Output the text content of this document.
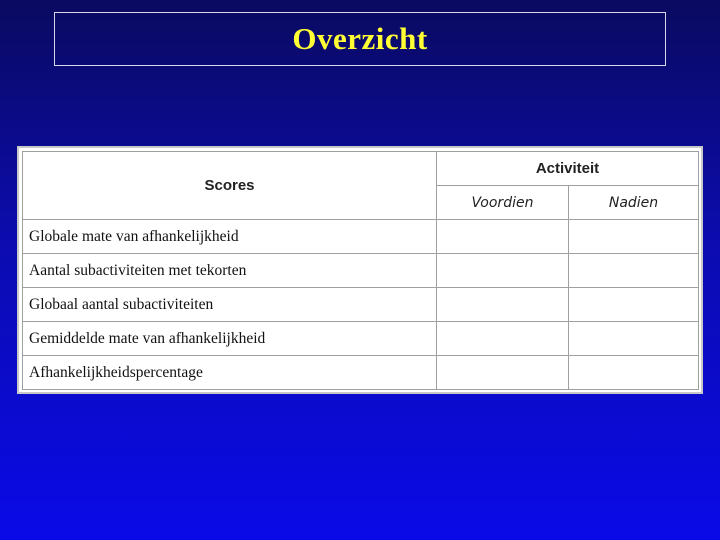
Overzicht
Scores	Activiteit	
	Voordien	Nadien
Globale mate van afhankelijkheid		
Aantal subactiviteiten met tekorten		
Globaal aantal subactiviteiten		
Gemiddelde mate van afhankelijkheid		
Afhankelijkheidspercentage		
